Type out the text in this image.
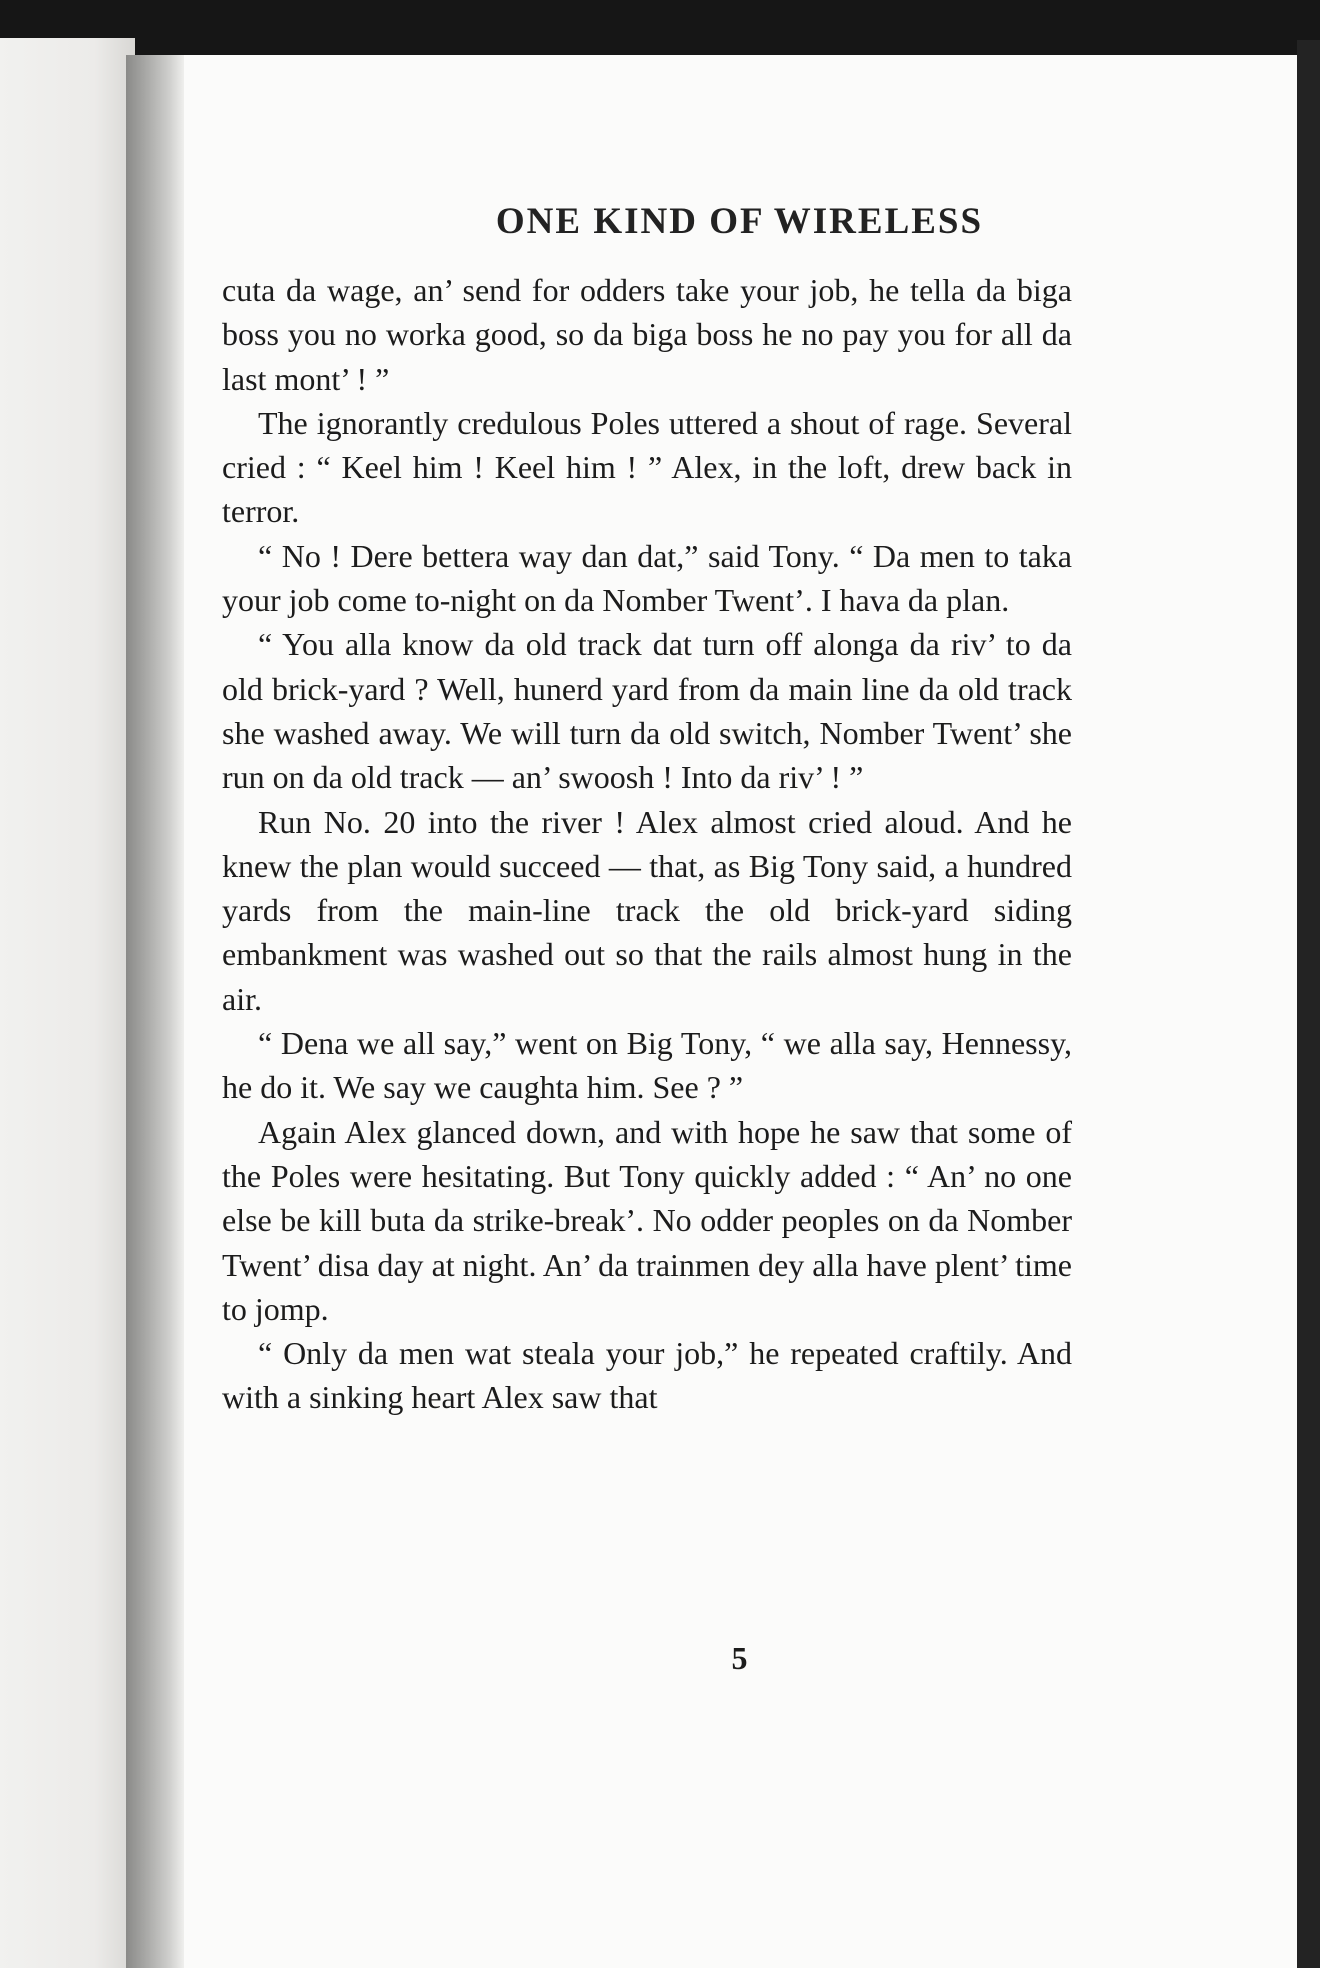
ONE KIND OF WIRELESS

cuta da wage, an’ send for odders take your job, he tella da biga boss you no worka good, so da biga boss he no pay you for all da last mont’ ! ”

The ignorantly credulous Poles uttered a shout of rage. Several cried : “ Keel him ! Keel him ! ” Alex, in the loft, drew back in terror.

“ No ! Dere bettera way dan dat,” said Tony. “ Da men to taka your job come to-night on da Nomber Twent’. I hava da plan.

“ You alla know da old track dat turn off alonga da riv’ to da old brick-yard ? Well, hunerd yard from da main line da old track she washed away. We will turn da old switch, Nomber Twent’ she run on da old track — an’ swoosh ! Into da riv’ ! ”

Run No. 20 into the river ! Alex almost cried aloud. And he knew the plan would succeed — that, as Big Tony said, a hundred yards from the main-line track the old brick-yard siding embankment was washed out so that the rails almost hung in the air.

“ Dena we all say,” went on Big Tony, “ we alla say, Hennessy, he do it. We say we caughta him. See ? ”

Again Alex glanced down, and with hope he saw that some of the Poles were hesitating. But Tony quickly added : “ An’ no one else be kill buta da strike-break’. No odder peoples on da Nomber Twent’ disa day at night. An’ da trainmen dey alla have plent’ time to jomp.

“ Only da men wat steala your job,” he repeated craftily. And with a sinking heart Alex saw that

5
